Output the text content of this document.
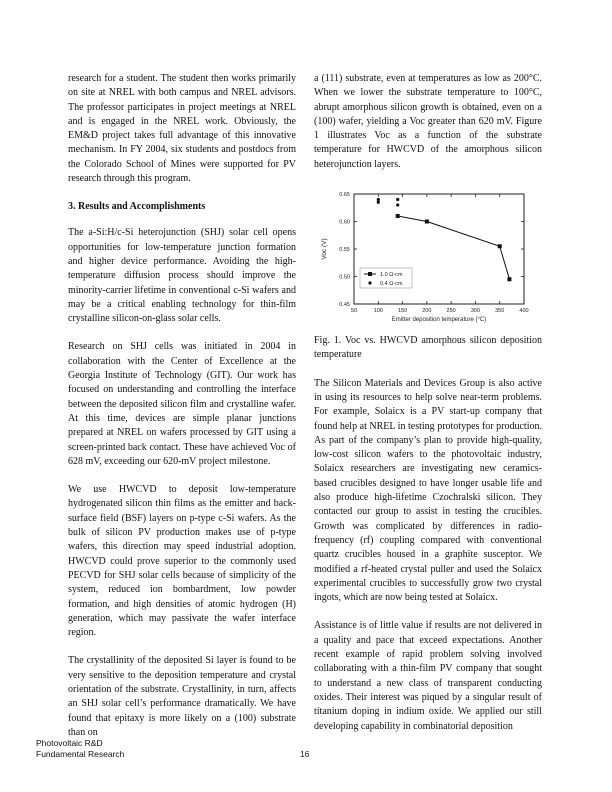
research for a student. The student then works primarily on site at NREL with both campus and NREL advisors. The professor participates in project meetings at NREL and is engaged in the NREL work. Obviously, the EM&D project takes full advantage of this innovative mechanism. In FY 2004, six students and postdocs from the Colorado School of Mines were supported for PV research through this program.

3. Results and Accomplishments

The a-Si:H/c-Si heterojunction (SHJ) solar cell opens opportunities for low-temperature junction formation and higher device performance. Avoiding the high-temperature diffusion process should improve the minority-carrier lifetime in conventional c-Si wafers and may be a critical enabling technology for thin-film crystalline silicon-on-glass solar cells.

Research on SHJ cells was initiated in 2004 in collaboration with the Center of Excellence at the Georgia Institute of Technology (GIT). Our work has focused on understanding and controlling the interface between the deposited silicon film and crystalline wafer. At this time, devices are simple planar junctions prepared at NREL on wafers processed by GIT using a screen-printed back contact. These have achieved Voc of 628 mV, exceeding our 620-mV project milestone.

We use HWCVD to deposit low-temperature hydrogenated silicon thin films as the emitter and back-surface field (BSF) layers on p-type c-Si wafers. As the bulk of silicon PV production makes use of p-type wafers, this direction may speed industrial adoption. HWCVD could prove superior to the commonly used PECVD for SHJ solar cells because of simplicity of the system, reduced ion bombardment, low powder formation, and high densities of atomic hydrogen (H) generation, which may passivate the wafer interface region.

The crystallinity of the deposited Si layer is found to be very sensitive to the deposition temperature and crystal orientation of the substrate. Crystallinity, in turn, affects an SHJ solar cell’s performance dramatically. We have found that epitaxy is more likely on a (100) substrate than on

a (111) substrate, even at temperatures as low as 200°C. When we lower the substrate temperature to 100°C, abrupt amorphous silicon growth is obtained, even on a (100) wafer, yielding a Voc greater than 620 mV. Figure 1 illustrates Voc as a function of the substrate temperature for HWCVD of the amorphous silicon heterojunction layers.

50	100	150	200	250	300	350	400
0.45
0.50
0.55
0.60
0.65
Emitter deposition temperature (°C)
Voc (V)
1.0 Ω-cm
0.4 Ω-cm

Fig. 1. Voc vs. HWCVD amorphous silicon deposition temperature

The Silicon Materials and Devices Group is also active in using its resources to help solve near-term problems. For example, Solaicx is a PV start-up company that found help at NREL in testing prototypes for production. As part of the company’s plan to provide high-quality, low-cost silicon wafers to the photovoltaic industry, Solaicx researchers are investigating new ceramics-based crucibles designed to have longer usable life and also produce high-lifetime Czochralski silicon. They contacted our group to assist in testing the crucibles. Growth was complicated by differences in radio-frequency (rf) coupling compared with conventional quartz crucibles housed in a graphite susceptor. We modified a rf-heated crystal puller and used the Solaicx experimental crucibles to successfully grow two crystal ingots, which are now being tested at Solaicx.

Assistance is of little value if results are not delivered in a quality and pace that exceed expectations. Another recent example of rapid problem solving involved collaborating with a thin-film PV company that sought to understand a new class of transparent conducting oxides. Their interest was piqued by a singular result of titanium doping in indium oxide. We applied our still developing capability in combinatorial deposition

Photovoltaic R&D
Fundamental Research	16
